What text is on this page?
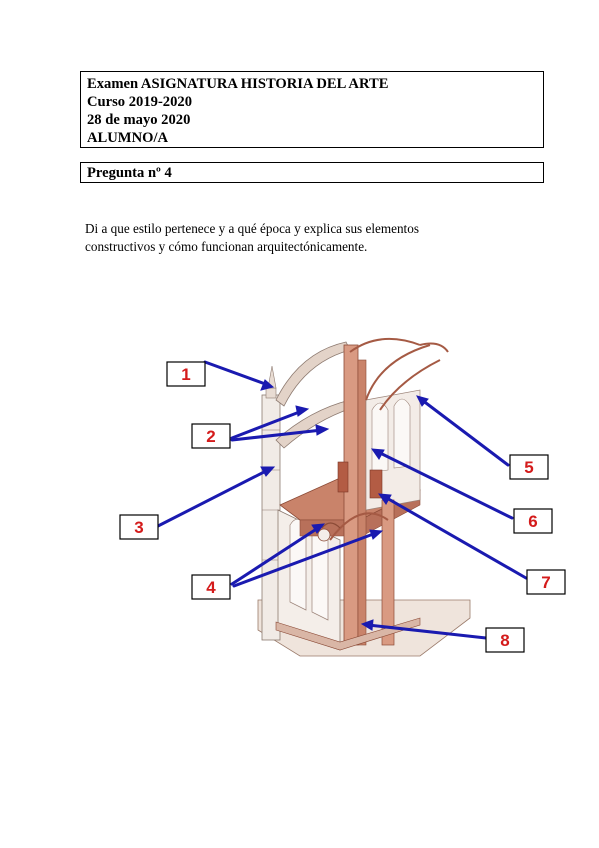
Examen ASIGNATURA HISTORIA DEL ARTE
Curso 2019-2020
28 de mayo 2020
ALUMNO/A
Pregunta nº 4
Di a que estilo pertenece y a qué época y explica sus elementos
constructivos y cómo funcionan arquitectónicamente.
1
2
3
4
5
6
7
8
